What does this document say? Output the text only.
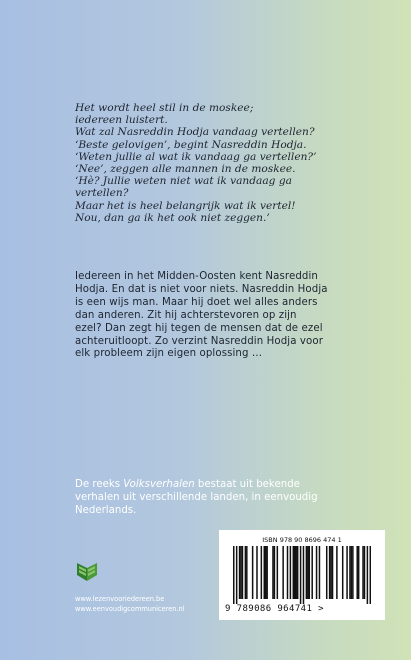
Het wordt heel stil in de moskee;
iedereen luistert.
Wat zal Nasreddin Hodja vandaag vertellen?
‘Beste gelovigen’, begint Nasreddin Hodja.
‘Weten jullie al wat ik vandaag ga vertellen?’
‘Nee’, zeggen alle mannen in de moskee.
‘Hè? Jullie weten niet wat ik vandaag ga
vertellen?
Maar het is heel belangrijk wat ik vertel!
Nou, dan ga ik het ook niet zeggen.’
Iedereen in het Midden-Oosten kent Nasreddin
Hodja. En dat is niet voor niets. Nasreddin Hodja
is een wijs man. Maar hij doet wel alles anders
dan anderen. Zit hij achterstevoren op zijn
ezel? Dan zegt hij tegen de mensen dat de ezel
achteruitloopt. Zo verzint Nasreddin Hodja voor
elk probleem zijn eigen oplossing …
De reeks Volksverhalen bestaat uit bekende
verhalen uit verschillende landen, in eenvoudig
Nederlands.
ISBN 978 90 8696 474 1
9 789086 964741 >
www.lezenvooriedereen.be
www.eenvoudigcommuniceren.nl
